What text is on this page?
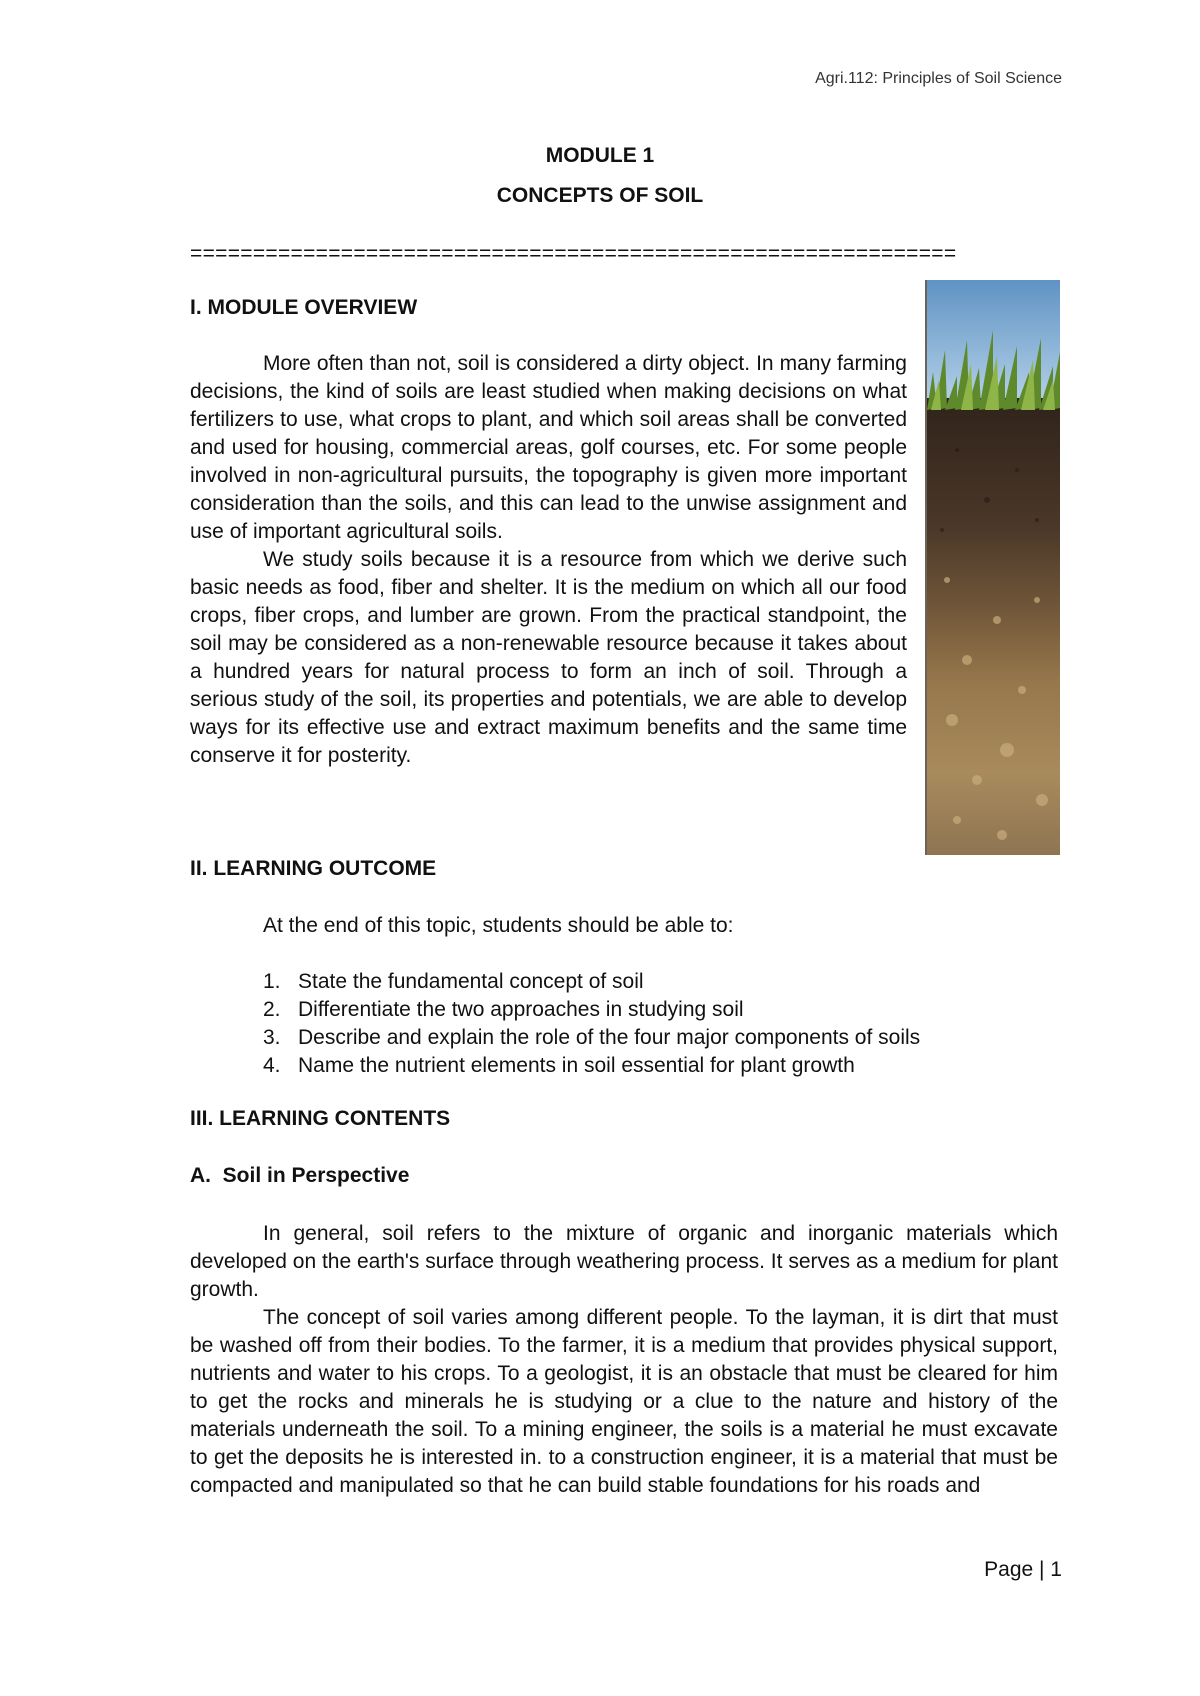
Agri.112: Principles of Soil Science

MODULE 1

CONCEPTS OF SOIL

=============================================================
I. MODULE OVERVIEW

More often than not, soil is considered a dirty object. In many farming decisions, the kind of soils are least studied when making decisions on what fertilizers to use, what crops to plant, and which soil areas shall be converted and used for housing, commercial areas, golf courses, etc. For some people involved in non-agricultural pursuits, the topography is given more important consideration than the soils, and this can lead to the unwise assignment and use of important agricultural soils.

We study soils because it is a resource from which we derive such basic needs as food, fiber and shelter. It is the medium on which all our food crops, fiber crops, and lumber are grown. From the practical standpoint, the soil may be considered as a non-renewable resource because it takes about a hundred years for natural process to form an inch of soil. Through a serious study of the soil, its properties and potentials, we are able to develop ways for its effective use and extract maximum benefits and the same time conserve it for posterity.

II. LEARNING OUTCOME

At the end of this topic, students should be able to:

1. State the fundamental concept of soil
2. Differentiate the two approaches in studying soil
3. Describe and explain the role of the four major components of soils
4. Name the nutrient elements in soil essential for plant growth
III. LEARNING CONTENTS
A.  Soil in Perspective

In general, soil refers to the mixture of organic and inorganic materials which developed on the earth's surface through weathering process. It serves as a medium for plant growth.

The concept of soil varies among different people. To the layman, it is dirt that must be washed off from their bodies. To the farmer, it is a medium that provides physical support, nutrients and water to his crops. To a geologist, it is an obstacle that must be cleared for him to get the rocks and minerals he is studying or a clue to the nature and history of the materials underneath the soil. To a mining engineer, the soils is a material he must excavate to get the deposits he is interested in. to a construction engineer, it is a material that must be compacted and manipulated so that he can build stable foundations for his roads and

Page | 1
